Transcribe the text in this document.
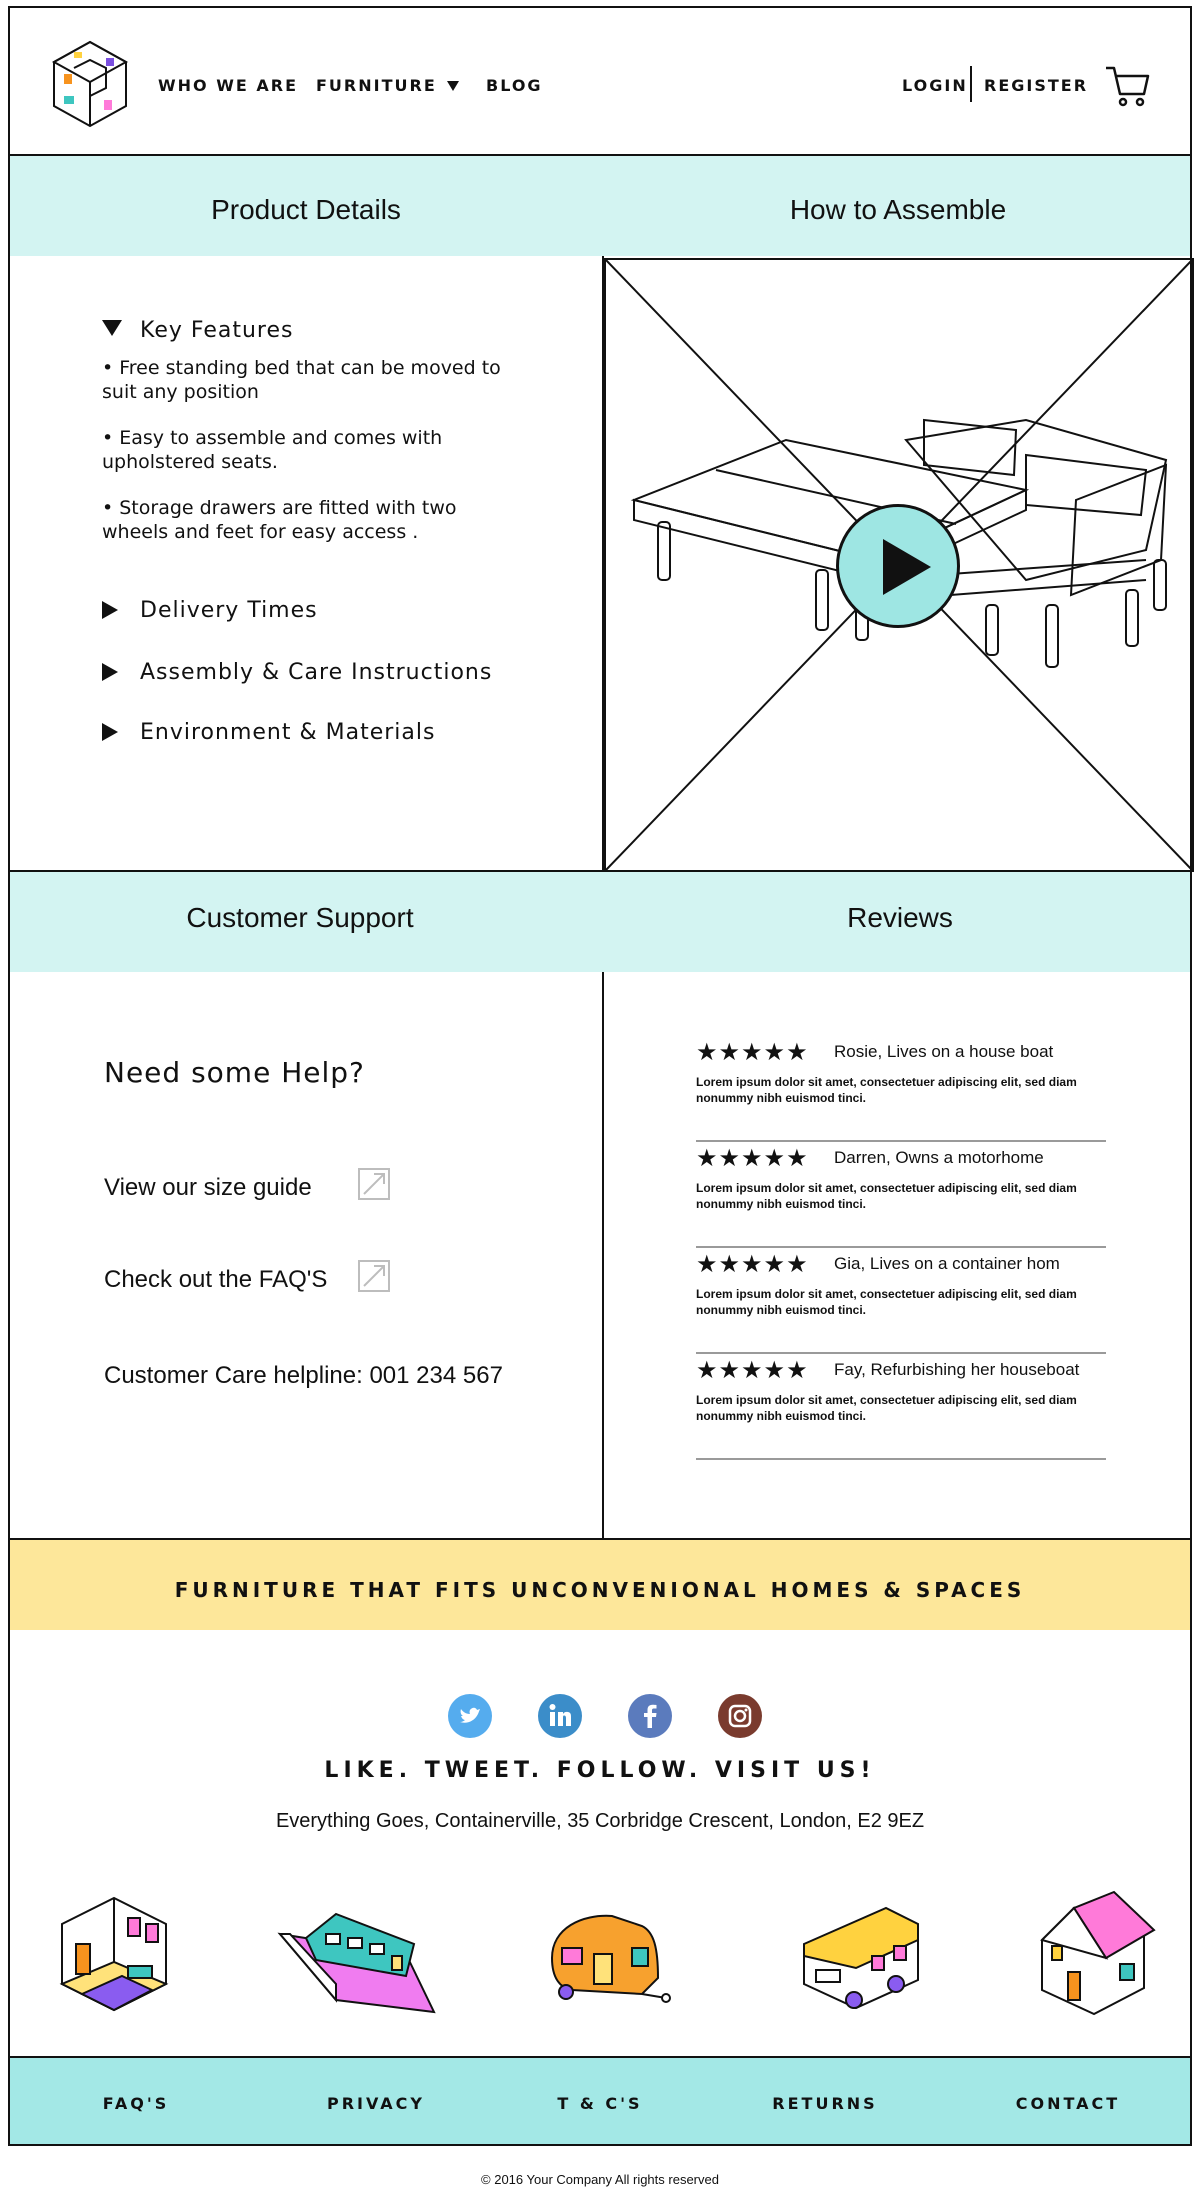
WHO WE ARE FURNITURE	BLOG	LOGIN REGISTER
Product Details	How to Assemble
Key Features
• Free standing bed that can be moved to suit any position
• Easy to assemble and comes with upholstered seats.
• Storage drawers are fitted with two wheels and feet for easy access .
Delivery Times
Assembly & Care Instructions
Environment & Materials
Customer Support	Reviews
Need some Help?
View our size guide
Check out the FAQ'S
Customer Care helpline: 001 234 567
★★★★★ Rosie, Lives on a house boat
Lorem ipsum dolor sit amet, consectetuer adipiscing elit, sed diam nonummy nibh euismod tinci.
★★★★★ Darren, Owns a motorhome
Lorem ipsum dolor sit amet, consectetuer adipiscing elit, sed diam nonummy nibh euismod tinci.
★★★★★ Gia, Lives on a container hom
Lorem ipsum dolor sit amet, consectetuer adipiscing elit, sed diam nonummy nibh euismod tinci.
★★★★★ Fay, Refurbishing her houseboat
Lorem ipsum dolor sit amet, consectetuer adipiscing elit, sed diam nonummy nibh euismod tinci.
FURNITURE THAT FITS UNCONVENIONAL HOMES & SPACES
LIKE. TWEET. FOLLOW. VISIT US!
Everything Goes, Containerville, 35 Corbridge Crescent, London, E2 9EZ
FAQ'S	PRIVACY	T & C'S	RETURNS	CONTACT
© 2016 Your Company All rights reserved
